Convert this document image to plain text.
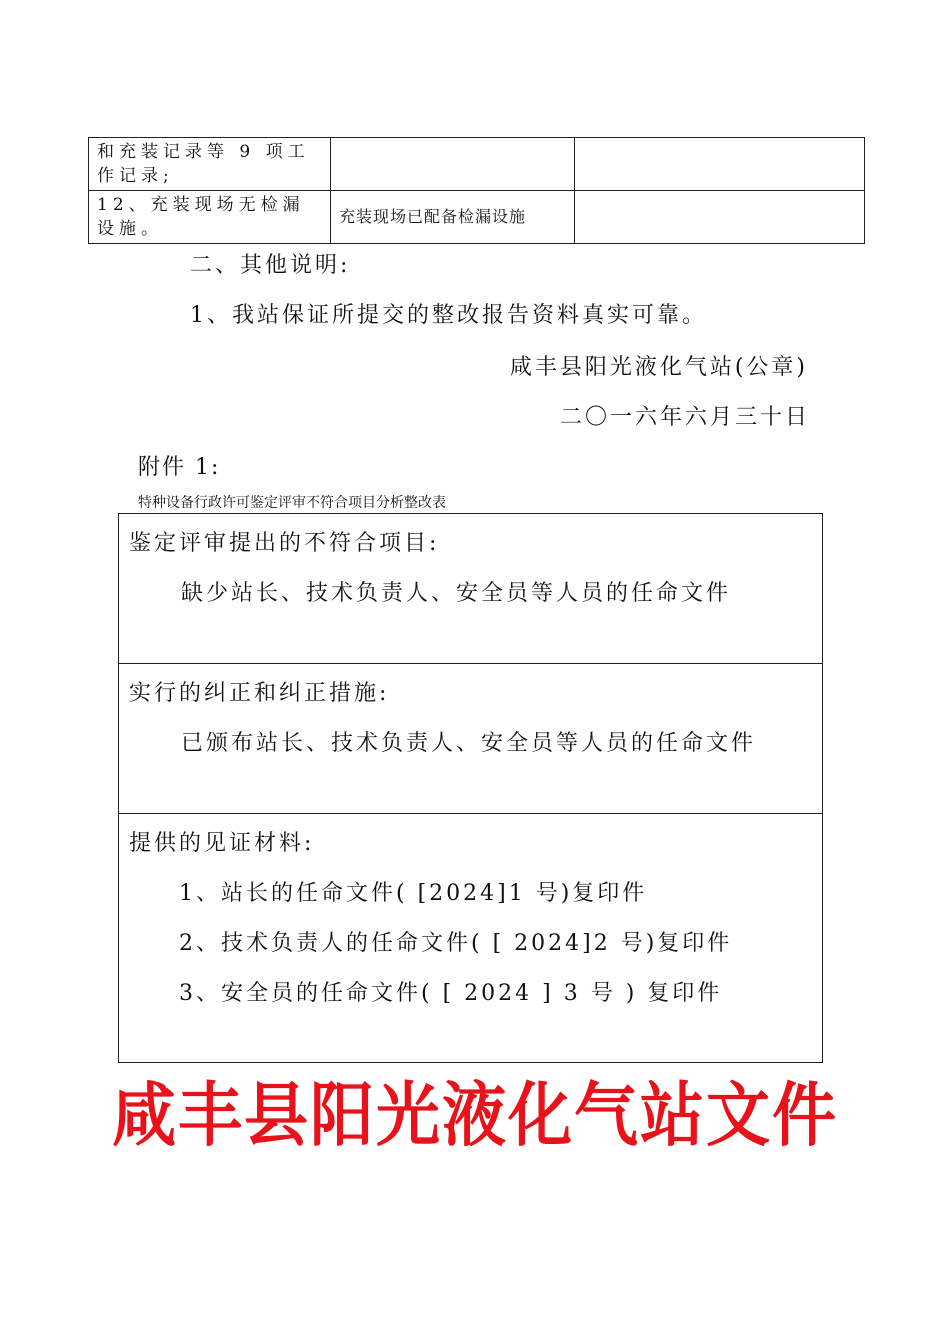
和充装记录等 9 项工作记录;		
12、充装现场无检漏设施。	充装现场已配备检漏设施	
二、其他说明:
1、我站保证所提交的整改报告资料真实可靠。
咸丰县阳光液化气站(公章)
二〇一六年六月三十日
附件 1:
特种设备行政许可鉴定评审不符合项目分析整改表
鉴定评审提出的不符合项目:
缺少站长、技术负责人、安全员等人员的任命文件
实行的纠正和纠正措施:
已颁布站长、技术负责人、安全员等人员的任命文件
提供的见证材料:
1、站长的任命文件( [2024]1 号)复印件
2、技术负责人的任命文件( [ 2024]2 号)复印件
3、安全员的任命文件( [ 2024 ] 3 号 ) 复印件
咸丰县阳光液化气站文件
